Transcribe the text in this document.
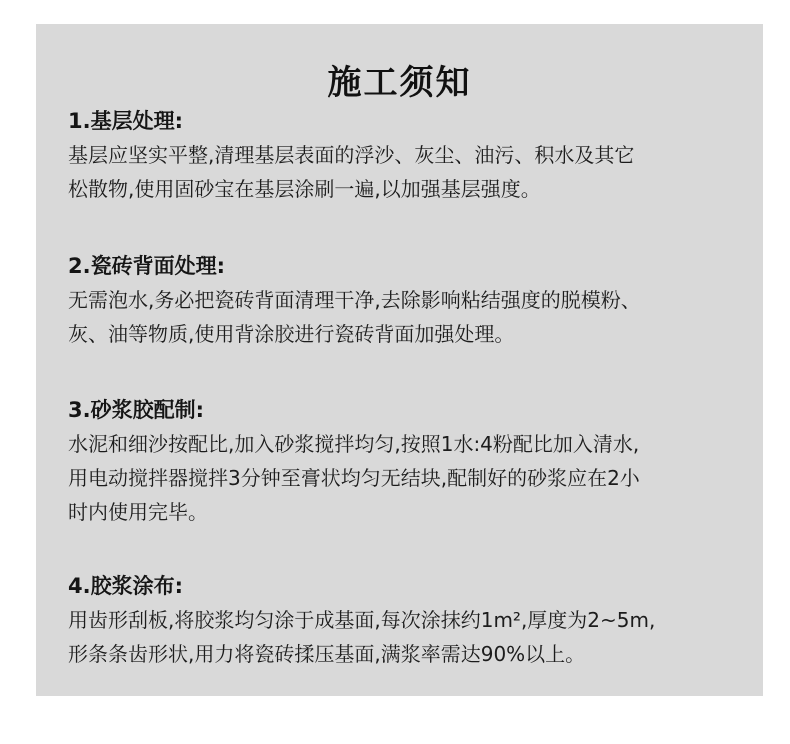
施工须知
1.基层处理:

基层应坚实平整,清理基层表面的浮沙、灰尘、油污、积水及其它
松散物,使用固砂宝在基层涂刷一遍,以加强基层强度。

2.瓷砖背面处理:

无需泡水,务必把瓷砖背面清理干净,去除影响粘结强度的脱模粉、
灰、油等物质,使用背涂胶进行瓷砖背面加强处理。

3.砂浆胶配制:

水泥和细沙按配比,加入砂浆搅拌均匀,按照1水:4粉配比加入清水,
用电动搅拌器搅拌3分钟至膏状均匀无结块,配制好的砂浆应在2小
时内使用完毕。

4.胶浆涂布:

用齿形刮板,将胶浆均匀涂于成基面,每次涂抹约1m²,厚度为2~5m,
形条条齿形状,用力将瓷砖揉压基面,满浆率需达90%以上。
